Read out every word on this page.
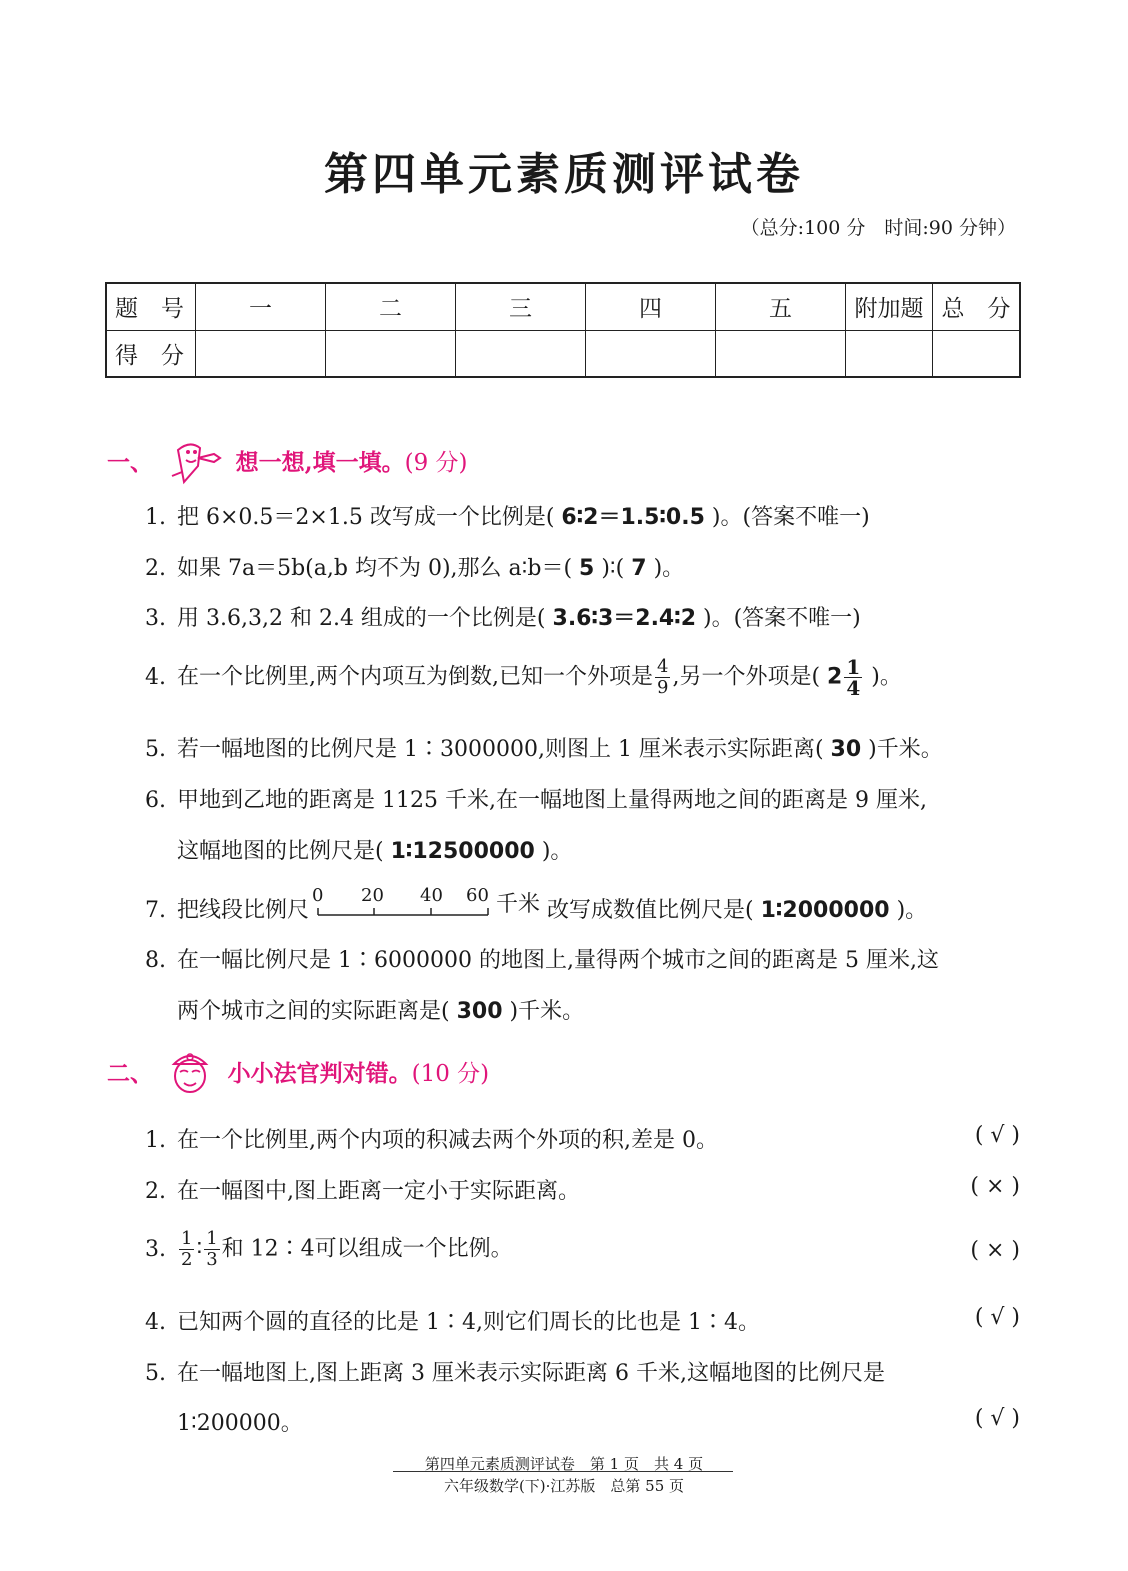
第四单元素质测评试卷
（总分:100 分　时间:90 分钟）
题　号	一	二	三	四	五	附加题	总　分
得　分							
一、	想一想,填一填。(9 分)
1. 把 6×0.5＝2×1.5 改写成一个比例是( 6∶2＝1.5∶0.5 )。(答案不唯一)
2. 如果 7a＝5b(a,b 均不为 0),那么 a∶b＝( 5 )∶( 7 )。
3. 用 3.6,3,2 和 2.4 组成的一个比例是( 3.6∶3＝2.4∶2 )。(答案不唯一)
4. 在一个比例里,两个内项互为倒数,已知一个外项是 $\frac{4}{9}$ ,另一个外项是( $2 \frac{1}{4}$ )。
5. 若一幅地图的比例尺是 1∶3000000,则图上 1 厘米表示实际距离( 30 )千米。
6. 甲地到乙地的距离是 1125 千米,在一幅地图上量得两地之间的距离是 9 厘米,
这幅地图的比例尺是( 1∶12500000 )。
7. 把线段比例尺
0 20 40 60 千米 改写成数值比例尺是( 1∶2000000 )。
8. 在一幅比例尺是 1∶6000000 的地图上,量得两个城市之间的距离是 5 厘米,这
两个城市之间的实际距离是( 300 )千米。
二、	小小法官判对错。(10 分)
1. 在一个比例里,两个内项的积减去两个外项的积,差是 0。	( √ )
2. 在一幅图中,图上距离一定小于实际距离。	( × )
3. $\frac{1}{2}$ ∶ $\frac{1}{3}$ 和 12∶4可以组成一个比例。	( × )
4. 已知两个圆的直径的比是 1∶4,则它们周长的比也是 1∶4。	( √ )
5. 在一幅地图上,图上距离 3 厘米表示实际距离 6 千米,这幅地图的比例尺是
1∶200000。	( √ )
第四单元素质测评试卷　第 1 页　共 4 页
六年级数学(下)·江苏版　总第 55 页
